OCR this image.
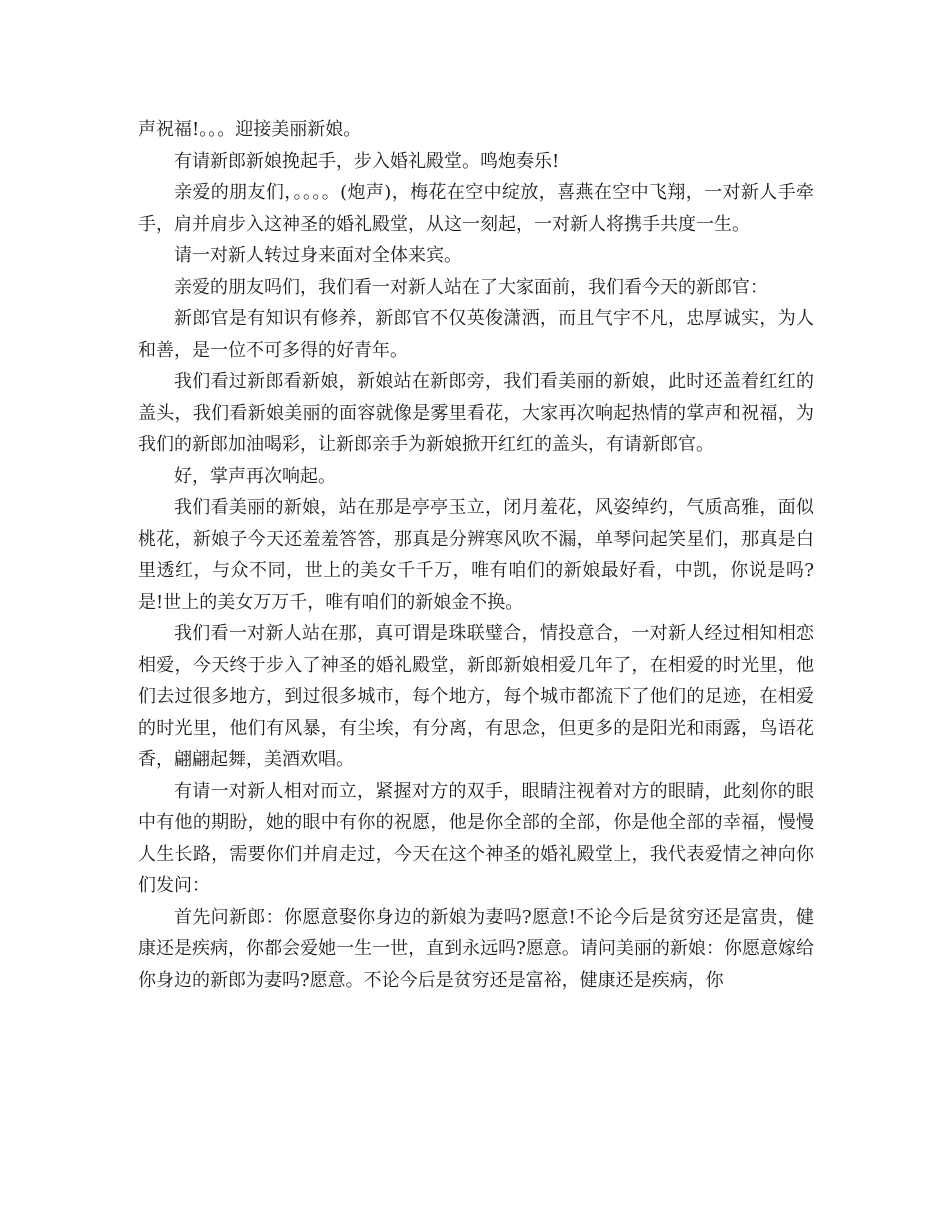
声祝福!。。。迎接美丽新娘。

有请新郎新娘挽起手，步入婚礼殿堂。鸣炮奏乐!

亲爱的朋友们，。。。。(炮声)，梅花在空中绽放，喜燕在空中飞翔，一对新人手牵手，肩并肩步入这神圣的婚礼殿堂，从这一刻起，一对新人将携手共度一生。

请一对新人转过身来面对全体来宾。

亲爱的朋友吗们，我们看一对新人站在了大家面前，我们看今天的新郎官：

新郎官是有知识有修养，新郎官不仅英俊潇洒，而且气宇不凡，忠厚诚实，为人和善，是一位不可多得的好青年。

我们看过新郎看新娘，新娘站在新郎旁，我们看美丽的新娘，此时还盖着红红的盖头，我们看新娘美丽的面容就像是雾里看花，大家再次响起热情的掌声和祝福，为我们的新郎加油喝彩，让新郎亲手为新娘掀开红红的盖头，有请新郎官。

好，掌声再次响起。

我们看美丽的新娘，站在那是亭亭玉立，闭月羞花，风姿绰约，气质高雅，面似桃花，新娘子今天还羞羞答答，那真是分辨寒风吹不漏，单琴问起笑星们，那真是白里透红，与众不同，世上的美女千千万，唯有咱们的新娘最好看，中凯，你说是吗?是!世上的美女万万千，唯有咱们的新娘金不换。

我们看一对新人站在那，真可谓是珠联璧合，情投意合，一对新人经过相知相恋相爱，今天终于步入了神圣的婚礼殿堂，新郎新娘相爱几年了，在相爱的时光里，他们去过很多地方，到过很多城市，每个地方，每个城市都流下了他们的足迹，在相爱的时光里，他们有风暴，有尘埃，有分离，有思念，但更多的是阳光和雨露，鸟语花香，翩翩起舞，美酒欢唱。

有请一对新人相对而立，紧握对方的双手，眼睛注视着对方的眼睛，此刻你的眼中有他的期盼，她的眼中有你的祝愿，他是你全部的全部，你是他全部的幸福，慢慢人生长路，需要你们并肩走过，今天在这个神圣的婚礼殿堂上，我代表爱情之神向你们发问：

首先问新郎：你愿意娶你身边的新娘为妻吗?愿意!不论今后是贫穷还是富贵，健康还是疾病，你都会爱她一生一世，直到永远吗?愿意。请问美丽的新娘：你愿意嫁给你身边的新郎为妻吗?愿意。不论今后是贫穷还是富裕，健康还是疾病，你
